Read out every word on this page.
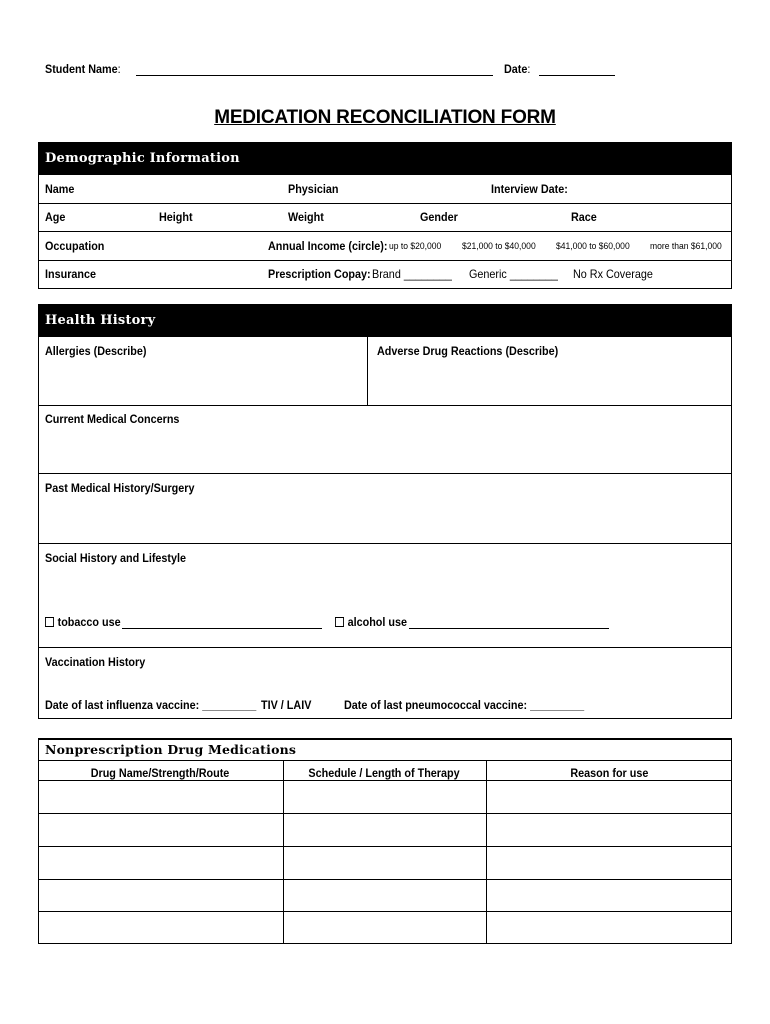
Student Name:	Date:
MEDICATION RECONCILIATION FORM
Demographic Information
Name	Physician	Interview Date:
Age	Height	Weight	Gender	Race
Occupation	Annual Income (circle): up to $20,000 $21,000 to $40,000 $41,000 to $60,000 more than $61,000
Insurance	Prescription Copay: Brand ________ Generic ________ No Rx Coverage
Health History
Allergies (Describe)	Adverse Drug Reactions (Describe)
Current Medical Concerns
Past Medical History/Surgery
Social History and Lifestyle
tobacco use	alcohol use
Vaccination History
Date of last influenza vaccine: _________ TIV / LAIV	Date of last pneumococcal vaccine: _________
Nonprescription Drug Medications
Drug Name/Strength/Route	Schedule / Length of Therapy	Reason for use
